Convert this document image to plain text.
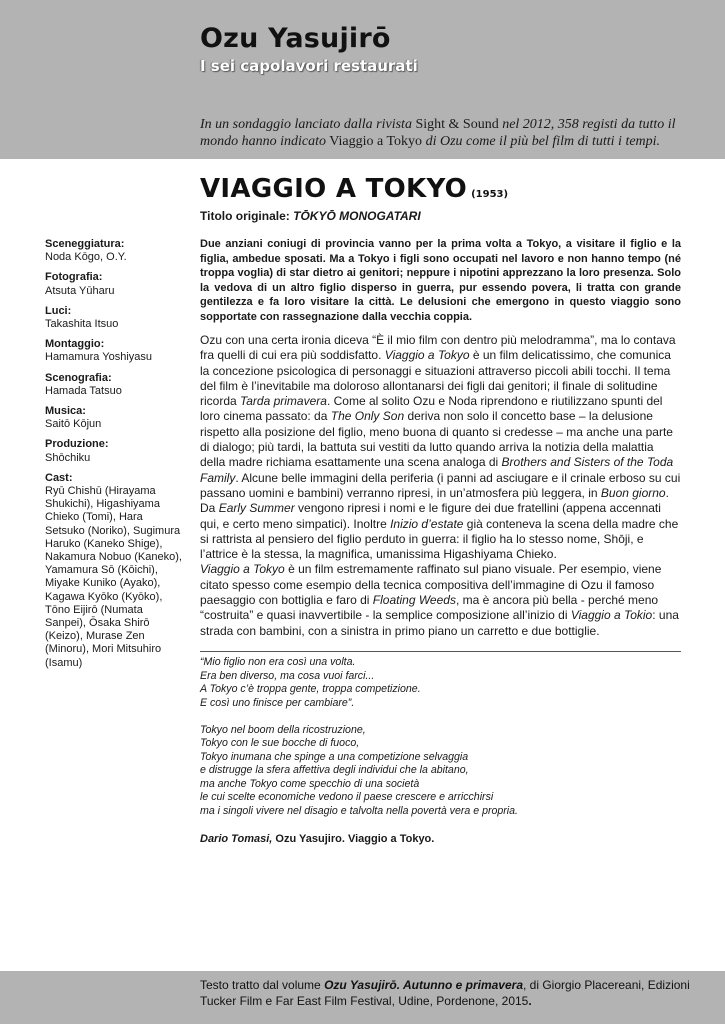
Ozu Yasujirō
I sei capolavori restaurati
In un sondaggio lanciato dalla rivista Sight & Sound nel 2012, 358 registi da tutto il mondo hanno indicato Viaggio a Tokyo di Ozu come il più bel film di tutti i tempi.
VIAGGIO A TOKYO (1953)
Titolo originale: TŌKYŌ MONOGATARI
Sceneggiatura:
Noda Kōgo, O.Y.
Fotografia:
Atsuta Yūharu
Luci:
Takashita Itsuo
Montaggio:
Hamamura Yoshiyasu
Scenografia:
Hamada Tatsuo
Musica:
Saitō Kōjun
Produzione:
Shōchiku
Cast:
Ryū Chishū (Hirayama Shukichi), Higashiyama Chieko (Tomi), Hara Setsuko (Noriko), Sugimura Haruko (Kaneko Shige), Nakamura Nobuo (Kaneko), Yamamura Sō (Kōichi), Miyake Kuniko (Ayako), Kagawa Kyōko (Kyōko), Tōno Eijirō (Numata Sanpei), Ōsaka Shirō (Keizo), Murase Zen (Minoru), Mori Mitsuhiro (Isamu)

Due anziani coniugi di provincia vanno per la prima volta a Tokyo, a visitare il figlio e la figlia, ambedue sposati. Ma a Tokyo i figli sono occupati nel lavoro e non hanno tempo (né troppa voglia) di star dietro ai genitori; neppure i nipotini apprezzano la loro presenza. Solo la vedova di un altro figlio disperso in guerra, pur essendo povera, li tratta con grande gentilezza e fa loro visitare la città. Le delusioni che emergono in questo viaggio sono sopportate con rassegnazione dalla vecchia coppia.

Ozu con una certa ironia diceva “È il mio film con dentro più melodramma”, ma lo contava fra quelli di cui era più soddisfatto. Viaggio a Tokyo è un film delicatissimo, che comunica la concezione psicologica di personaggi e situazioni attraverso piccoli abili tocchi. Il tema del film è l’inevitabile ma doloroso allontanarsi dei figli dai genitori; il finale di solitudine ricorda Tarda primavera. Come al solito Ozu e Noda riprendono e riutilizzano spunti del loro cinema passato: da The Only Son deriva non solo il concetto base – la delusione rispetto alla posizione del figlio, meno buona di quanto si credesse – ma anche una parte di dialogo; più tardi, la battuta sui vestiti da lutto quando arriva la notizia della malattia della madre richiama esattamente una scena analoga di Brothers and Sisters of the Toda Family. Alcune belle immagini della periferia (i panni ad asciugare e il crinale erboso su cui passano uomini e bambini) verranno ripresi, in un’atmosfera più leggera, in Buon giorno. Da Early Summer vengono ripresi i nomi e le figure dei due fratellini (appena accennati qui, e certo meno simpatici). Inoltre Inizio d’estate già conteneva la scena della madre che si rattrista al pensiero del figlio perduto in guerra: il figlio ha lo stesso nome, Shōji, e l’attrice è la stessa, la magnifica, umanissima Higashiyama Chieko.

Viaggio a Tokyo è un film estremamente raffinato sul piano visuale. Per esempio, viene citato spesso come esempio della tecnica compositiva dell’immagine di Ozu il famoso paesaggio con bottiglia e faro di Floating Weeds, ma è ancora più bella - perché meno “costruita” e quasi inavvertibile - la semplice composizione all’inizio di Viaggio a Tokio: una strada con bambini, con a sinistra in primo piano un carretto e due bottiglie.

“Mio figlio non era così una volta.
Era ben diverso, ma cosa vuoi farci...
A Tokyo c’è troppa gente, troppa competizione.
E così uno finisce per cambiare”.
Tokyo nel boom della ricostruzione,
Tokyo con le sue bocche di fuoco,
Tokyo inumana che spinge a una competizione selvaggia
e distrugge la sfera affettiva degli individui che la abitano,
ma anche Tokyo come specchio di una società
le cui scelte economiche vedono il paese crescere e arricchirsi
ma i singoli vivere nel disagio e talvolta nella povertà vera e propria.
Dario Tomasi, Ozu Yasujiro. Viaggio a Tokyo.
Testo tratto dal volume Ozu Yasujirō. Autunno e primavera, di Giorgio Placereani, Edizioni Tucker Film e Far East Film Festival, Udine, Pordenone, 2015.
